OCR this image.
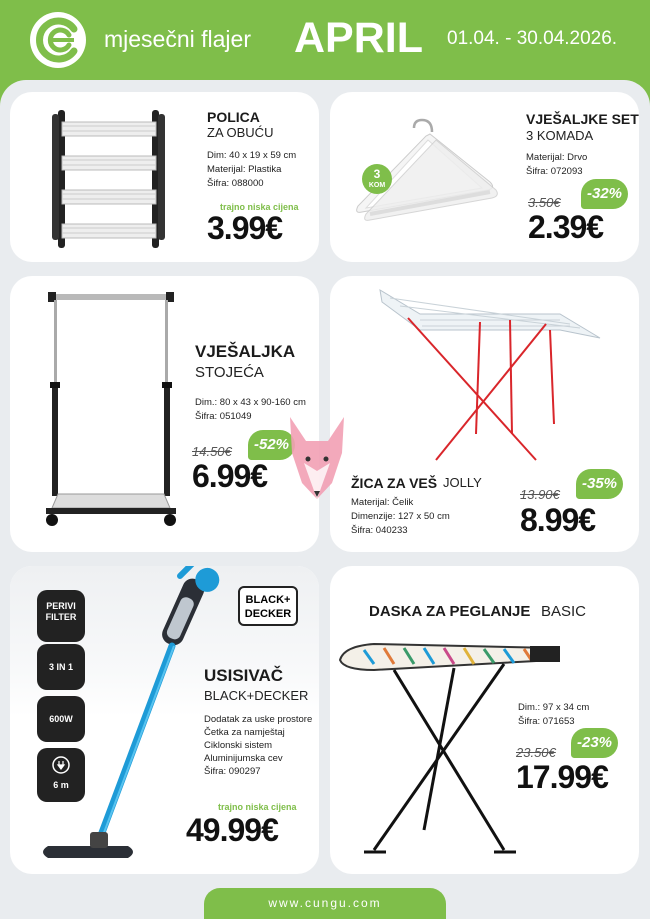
mjesečni flajer APRIL 01.04. - 30.04.2026.
POLICA
ZA OBUĆU
Dim: 40 x 19 x 59 cm
Materijal: Plastika
Šifra: 088000
trajno niska cijena
3.99€
3
KOM
VJEŠALJKE SET
3 KOMADA
Materijal: Drvo
Šifra: 072093
3.50€
-32%
2.39€
VJEŠALJKA
STOJEĆA
Dim.: 80 x 43 x 90-160 cm
Šifra: 051049
14.50€	-52%
6.99€	ŽICA ZA VEŠ JOLLY
Materijal: Čelik
Dimenzije: 127 x 50 cm
Šifra: 040233
13.90€
-35%
8.99€
PERIVI
FILTER
3 IN 1
600W
6 m
BLACK+
DECKER
USISIVAČ
BLACK+DECKER
Dodatak za uske prostore
Četka za namještaj
Ciklonski sistem
Aluminijumska cev
Šifra: 090297
trajno niska cijena
49.99€
DASKA ZA PEGLANJE BASIC
Dim.: 97 x 34 cm
Šifra: 071653
23.50€
-23%
17.99€
www.cungu.com
